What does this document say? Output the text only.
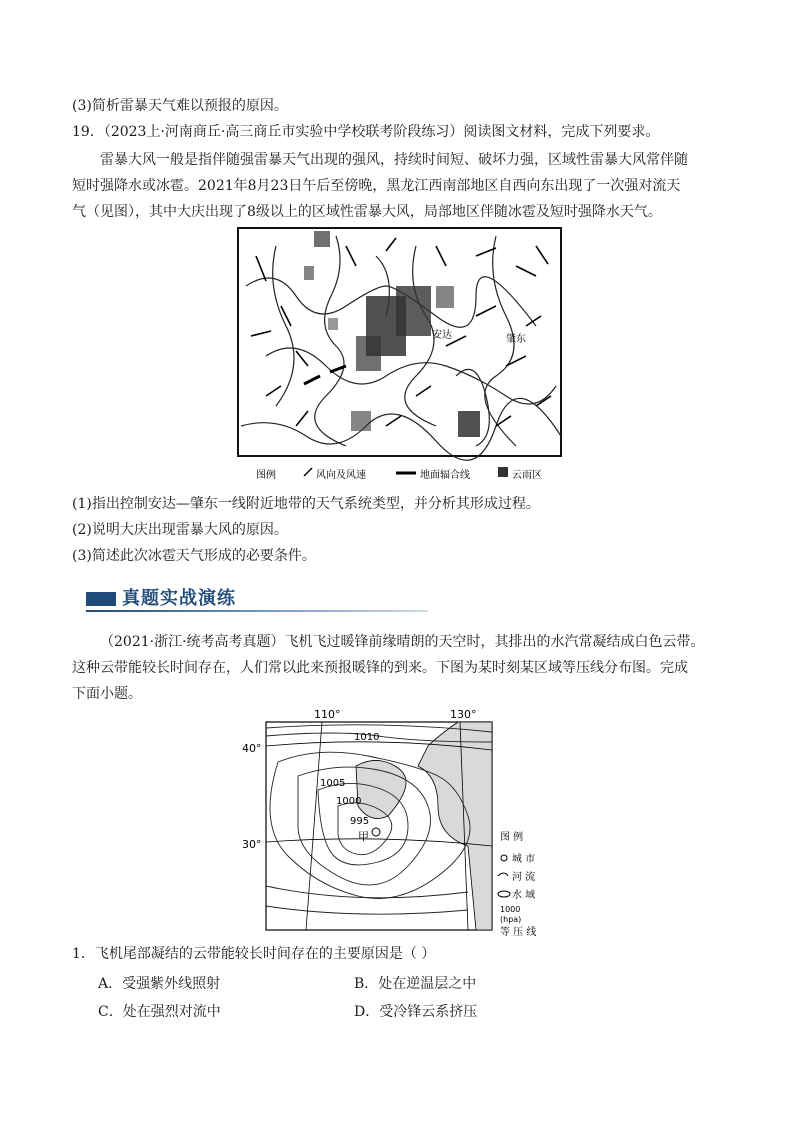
(3)简析雷暴天气难以预报的原因。
19．（2023上·河南商丘·高三商丘市实验中学校联考阶段练习）阅读图文材料，完成下列要求。
雷暴大风一般是指伴随强雷暴天气出现的强风，持续时间短、破坏力强，区域性雷暴大风常伴随
短时强降水或冰雹。2021年8月23日午后至傍晚，黑龙江西南部地区自西向东出现了一次强对流天
气（见图），其中大庆出现了8级以上的区域性雷暴大风，局部地区伴随冰雹及短时强降水天气。
安达	肇东
图例	风向及风速	地面辐合线	云雨区
(1)指出控制安达—肇东一线附近地带的天气系统类型，并分析其形成过程。
(2)说明大庆出现雷暴大风的原因。
(3)简述此次冰雹天气形成的必要条件。
真题实战演练
（2021·浙江·统考高考真题）飞机飞过暖锋前缘晴朗的天空时，其排出的水汽常凝结成白色云带。
这种云带能较长时间存在，人们常以此来预报暖锋的到来。下图为某时刻某区域等压线分布图。完成
下面小题。
110°	130°
40°
30°
1010
1005
1000
995
甲	图 例
城 市
河 流
水 域
1000
(hpa)
等 压 线
1．飞机尾部凝结的云带能较长时间存在的主要原因是（ ）
A．受强紫外线照射	B．处在逆温层之中
C．处在强烈对流中	D．受冷锋云系挤压
